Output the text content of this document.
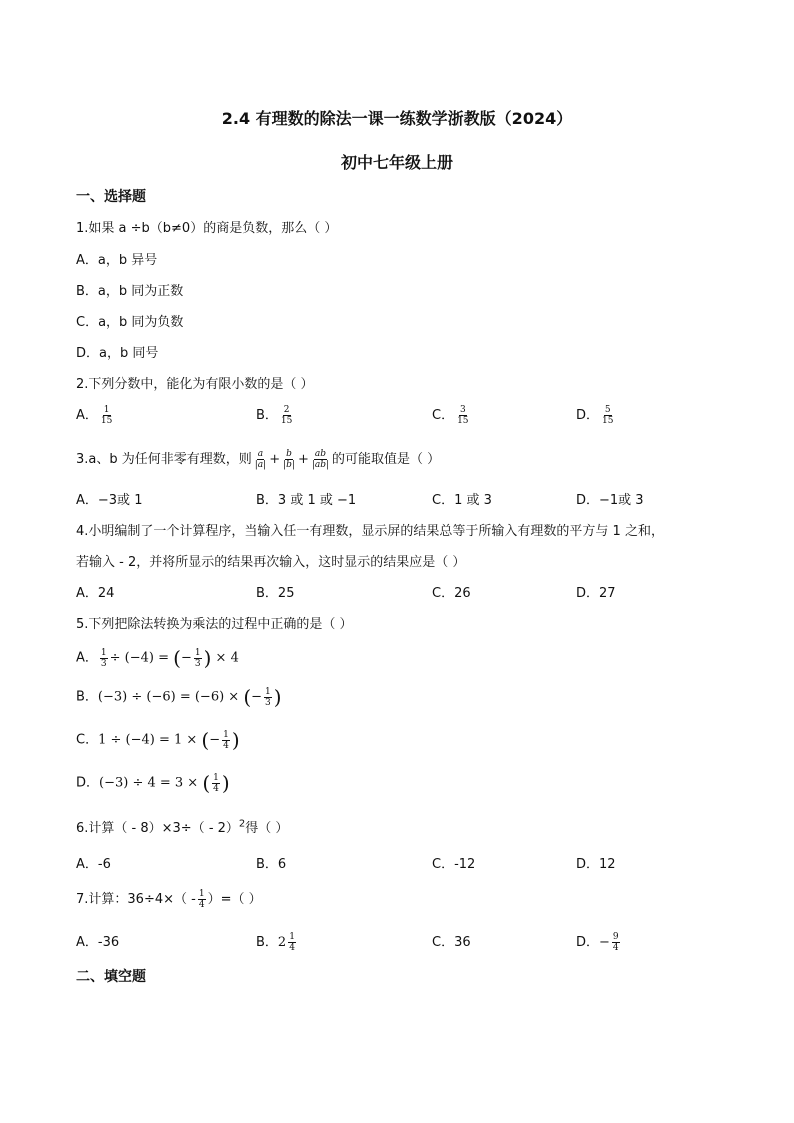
2.4 有理数的除法一课一练数学浙教版（2024）
初中七年级上册
一、选择题
1.如果 a ÷b（b≠0）的商是负数，那么（ ）
A．a，b 异号
B．a，b 同为正数
C．a，b 同为负数
D．a，b 同号
2.下列分数中，能化为有限小数的是（ ）
A． $\frac{1}{15}$	B． $\frac{2}{15}$	C． $\frac{3}{15}$	D． $\frac{5}{15}$
3.a、b 为任何非零有理数，则 $\frac{a}{|a|} + \frac{b}{|b|} + \frac{ab}{|ab|}$ 的可能取值是（ ）
A．−3或 1	B．3 或 1 或 −1	C．1 或 3	D．−1或 3
4.小明编制了一个计算程序，当输入任一有理数，显示屏的结果总等于所输入有理数的平方与 1 之和，
若输入 - 2，并将所显示的结果再次输入，这时显示的结果应是（ ）
A．24	B．25	C．26	D．27
5.下列把除法转换为乘法的过程中正确的是（ ）
A． $\frac{1}{3} \div (-4)$ = (− $\frac{1}{3}$ ) × 4
B．(−3) ÷ (−6) = (−6) × (− $\frac{1}{3}$ )
C．1 ÷ (−4) = 1 × (− $\frac{1}{4}$ )
D．(−3) ÷ 4 = 3 × ( $\frac{1}{4}$ )
6.计算（ - 8）×3÷（ - 2）$^2$得（ ）
A．-6	B．6	C．-12	D．12
7.计算：$36\div 4\times( - \frac{1}{4}$ ）=（ ）
A．-36	B．$2 \frac{1}{4}$	C．36	D．− $\frac{9}{4}$
二、填空题
